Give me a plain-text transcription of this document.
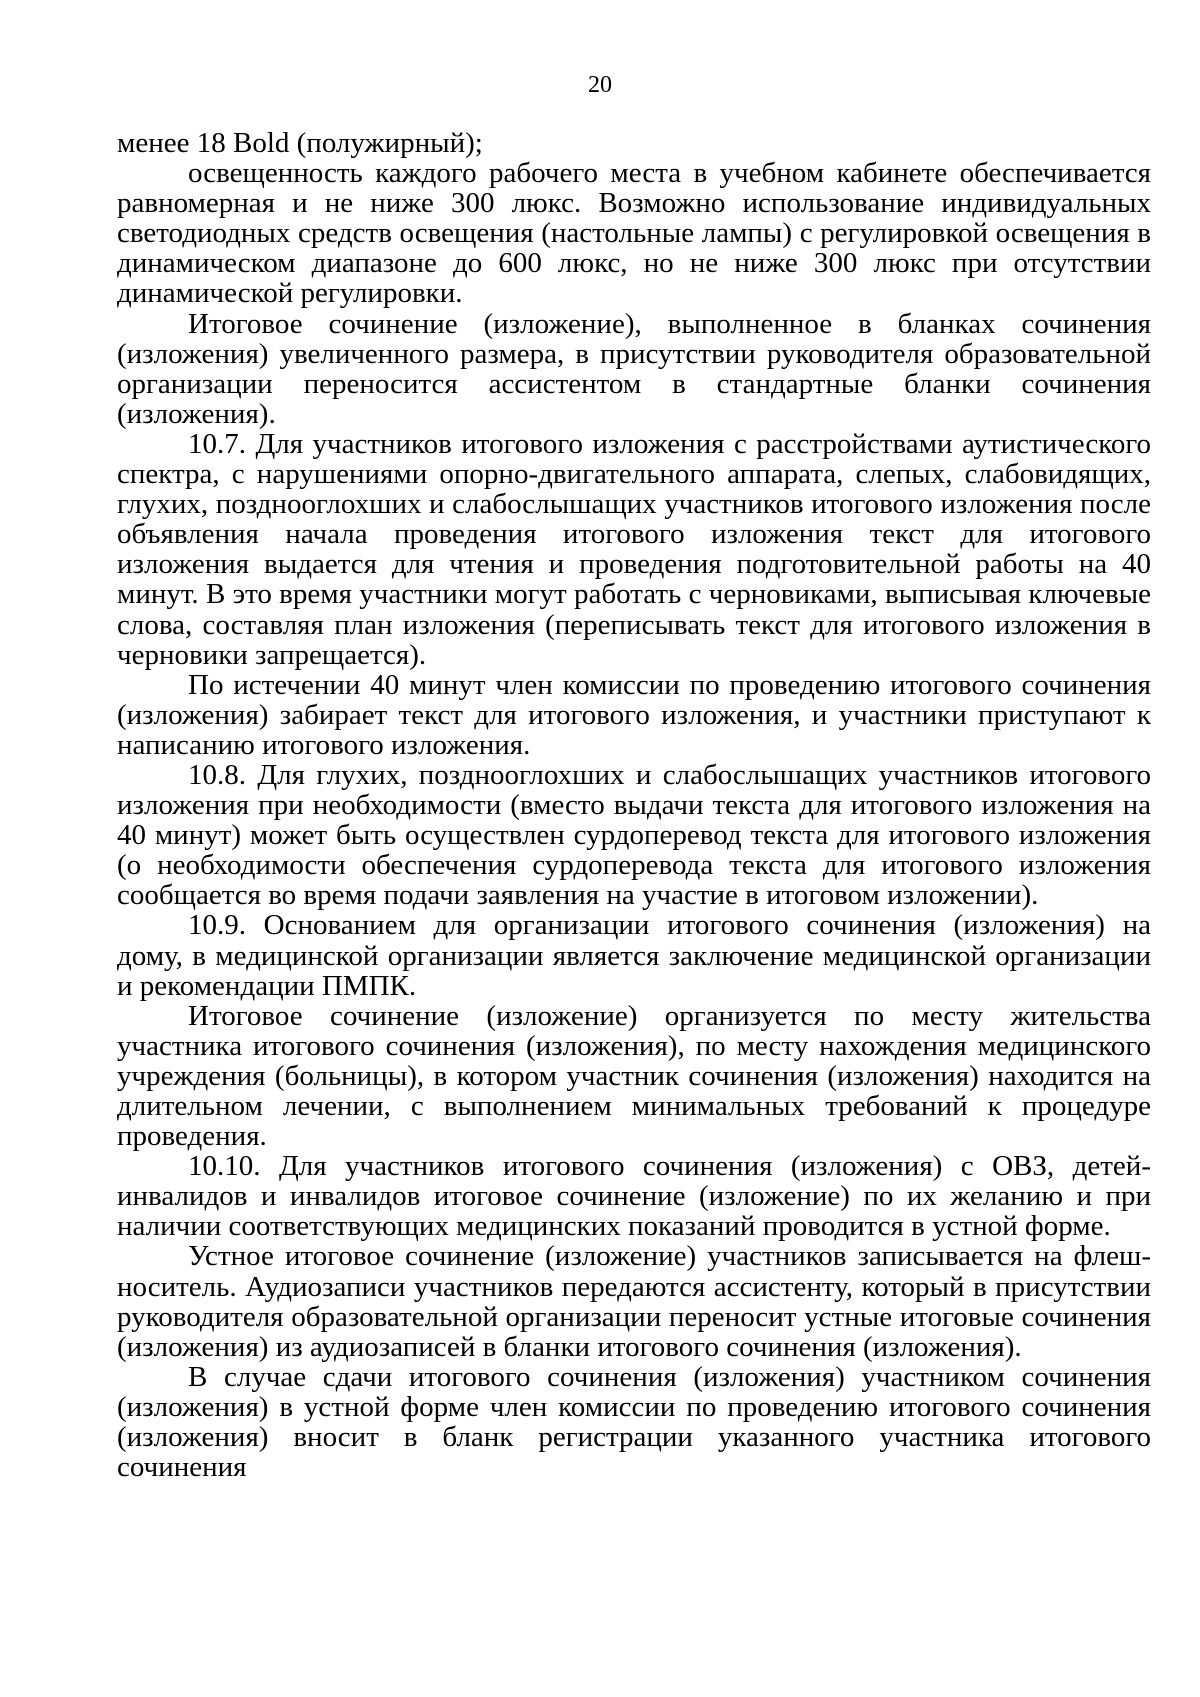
20

менее 18 Bold (полужирный);

освещенность каждого рабочего места в учебном кабинете обеспечивается равномерная и не ниже 300 люкс. Возможно использование индивидуальных светодиодных средств освещения (настольные лампы) с регулировкой освещения в динамическом диапазоне до 600 люкс, но не ниже 300 люкс при отсутствии динамической регулировки.

Итоговое сочинение (изложение), выполненное в бланках сочинения (изложения) увеличенного размера, в присутствии руководителя образовательной организации переносится ассистентом в стандартные бланки сочинения (изложения).

10.7. Для участников итогового изложения с расстройствами аутистического спектра, с нарушениями опорно-двигательного аппарата, слепых, слабовидящих, глухих, позднооглохших и слабослышащих участников итогового изложения после объявления начала проведения итогового изложения текст для итогового изложения выдается для чтения и проведения подготовительной работы на 40 минут. В это время участники могут работать с черновиками, выписывая ключевые слова, составляя план изложения (переписывать текст для итогового изложения в черновики запрещается).

По истечении 40 минут член комиссии по проведению итогового сочинения (изложения) забирает текст для итогового изложения, и участники приступают к написанию итогового изложения.

10.8. Для глухих, позднооглохших и слабослышащих участников итогового изложения при необходимости (вместо выдачи текста для итогового изложения на 40 минут) может быть осуществлен сурдоперевод текста для итогового изложения (о необходимости обеспечения сурдоперевода текста для итогового изложения сообщается во время подачи заявления на участие в итоговом изложении).

10.9. Основанием для организации итогового сочинения (изложения) на дому, в медицинской организации является заключение медицинской организации и рекомендации ПМПК.

Итоговое сочинение (изложение) организуется по месту жительства участника итогового сочинения (изложения), по месту нахождения медицинского учреждения (больницы), в котором участник сочинения (изложения) находится на длительном лечении, с выполнением минимальных требований к процедуре проведения.

10.10. Для участников итогового сочинения (изложения) с ОВЗ, детей-инвалидов и инвалидов итоговое сочинение (изложение) по их желанию и при наличии соответствующих медицинских показаний проводится в устной форме.

Устное итоговое сочинение (изложение) участников записывается на флеш-носитель. Аудиозаписи участников передаются ассистенту, который в присутствии руководителя образовательной организации переносит устные итоговые сочинения (изложения) из аудиозаписей в бланки итогового сочинения (изложения).

В случае сдачи итогового сочинения (изложения) участником сочинения (изложения) в устной форме член комиссии по проведению итогового сочинения (изложения) вносит в бланк регистрации указанного участника итогового сочинения
